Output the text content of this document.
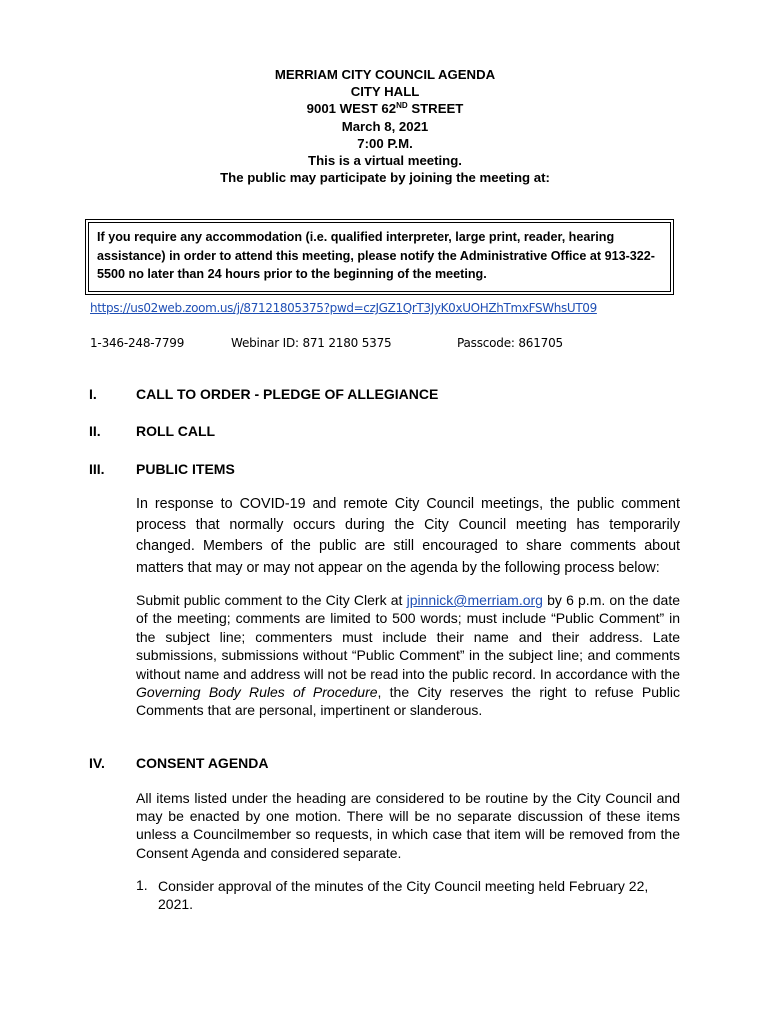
MERRIAM CITY COUNCIL AGENDA
CITY HALL
9001 WEST 62ND STREET
March 8, 2021
7:00 P.M.
This is a virtual meeting.
The public may participate by joining the meeting at:
If you require any accommodation (i.e. qualified interpreter, large print, reader, hearing assistance) in order to attend this meeting, please notify the Administrative Office at 913-322-5500 no later than 24 hours prior to the beginning of the meeting.
https://us02web.zoom.us/j/87121805375?pwd=czJGZ1QrT3JyK0xUOHZhTmxFSWhsUT09
1-346-248-7799	Webinar ID: 871 2180 5375	Passcode: 861705
I.	CALL TO ORDER - PLEDGE OF ALLEGIANCE
II.	ROLL CALL
III. PUBLIC ITEMS
In response to COVID-19 and remote City Council meetings, the public comment process that normally occurs during the City Council meeting has temporarily changed. Members of the public are still encouraged to share comments about matters that may or may not appear on the agenda by the following process below:
Submit public comment to the City Clerk at jpinnick@merriam.org by 6 p.m. on the date of the meeting; comments are limited to 500 words; must include “Public Comment” in the subject line; commenters must include their name and their address. Late submissions, submissions without “Public Comment” in the subject line; and comments without name and address will not be read into the public record. In accordance with the Governing Body Rules of Procedure, the City reserves the right to refuse Public Comments that are personal, impertinent or slanderous.
IV. CONSENT AGENDA
All items listed under the heading are considered to be routine by the City Council and may be enacted by one motion. There will be no separate discussion of these items unless a Councilmember so requests, in which case that item will be removed from the Consent Agenda and considered separate.
1. Consider approval of the minutes of the City Council meeting held February 22, 2021.
